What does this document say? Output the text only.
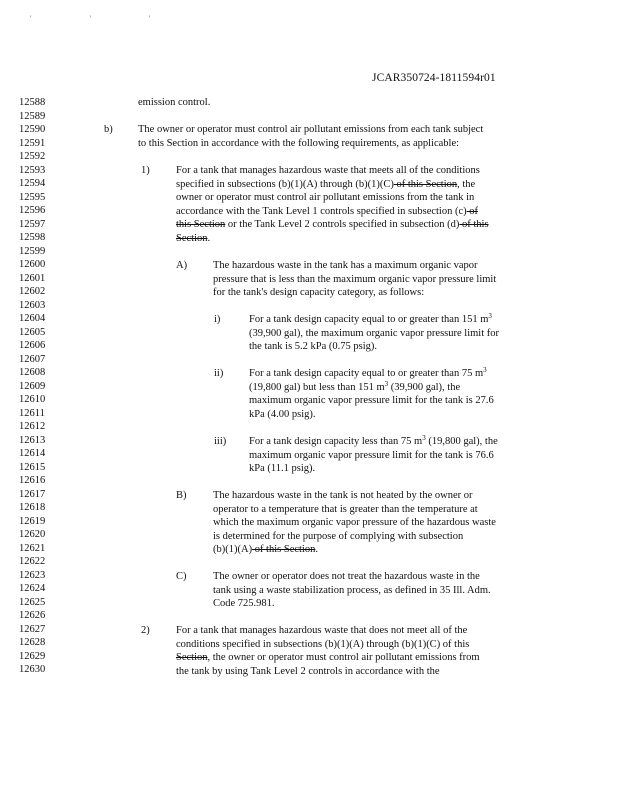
' ' '
JCAR350724-1811594r01
12588
12589
12590
12591
12592
12593
12594
12595
12596
12597
12598
12599
12600
12601
12602
12603
12604
12605
12606
12607
12608
12609
12610
12611
12612
12613
12614
12615
12616
12617
12618
12619
12620
12621
12622
12623
12624
12625
12626
12627
12628
12629
12630
emission control.
b) The owner or operator must control air pollutant emissions from each tank subject
to this Section in accordance with the following requirements, as applicable:
1)	For a tank that manages hazardous waste that meets all of the conditions
specified in subsections (b)(1)(A) through (b)(1)(C) of this Section, the
owner or operator must control air pollutant emissions from the tank in
accordance with the Tank Level 1 controls specified in subsection (c) of
this Section or the Tank Level 2 controls specified in subsection (d) of this
Section.
A) The hazardous waste in the tank has a maximum organic vapor
pressure that is less than the maximum organic vapor pressure limit
for the tank's design capacity category, as follows:
i)	For a tank design capacity equal to or greater than 151 $m^3$
(39,900 gal), the maximum organic vapor pressure limit for
the tank is 5.2 kPa (0.75 psig).
ii) For a tank design capacity equal to or greater than 75 $m^3$
(19,800 gal) but less than 151 $m^3$ (39,900 gal), the
maximum organic vapor pressure limit for the tank is 27.6
kPa (4.00 psig).
iii) For a tank design capacity less than 75 $m^3$ (19,800 gal), the
maximum organic vapor pressure limit for the tank is 76.6
kPa (11.1 psig).
B)	The hazardous waste in the tank is not heated by the owner or
operator to a temperature that is greater than the temperature at
which the maximum organic vapor pressure of the hazardous waste
is determined for the purpose of complying with subsection
(b)(1)(A) of this Section.
C)	The owner or operator does not treat the hazardous waste in the
tank using a waste stabilization process, as defined in 35 Ill. Adm.
Code 725.981.
2)	For a tank that manages hazardous waste that does not meet all of the
conditions specified in subsections (b)(1)(A) through (b)(1)(C) of this
Section, the owner or operator must control air pollutant emissions from
the tank by using Tank Level 2 controls in accordance with the
